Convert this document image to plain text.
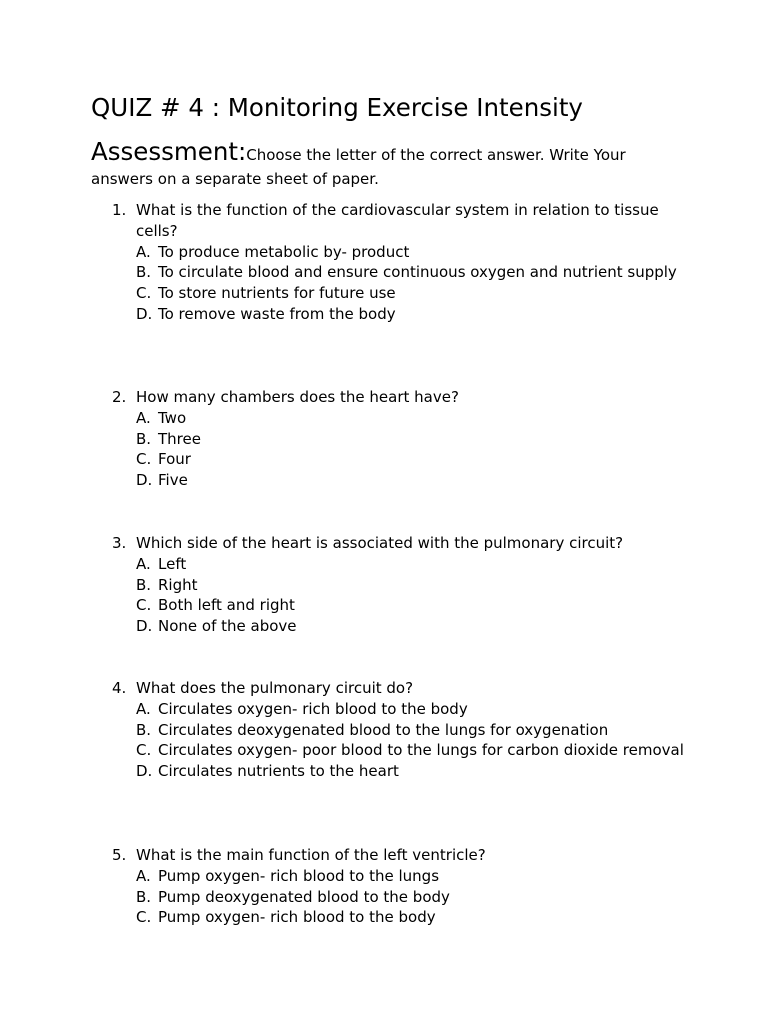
QUIZ # 4 : Monitoring Exercise Intensity

Assessment:Choose the letter of the correct answer. Write Your answers on a separate sheet of paper.

1. What is the function of the cardiovascular system in relation to tissue cells?
A. To produce metabolic by- product
B. To circulate blood and ensure continuous oxygen and nutrient supply
C. To store nutrients for future use
D. To remove waste from the body
2. How many chambers does the heart have?
A. Two
B. Three
C. Four
D. Five
3. Which side of the heart is associated with the pulmonary circuit?
A. Left
B. Right
C. Both left and right
D. None of the above
4. What does the pulmonary circuit do?
A. Circulates oxygen- rich blood to the body
B. Circulates deoxygenated blood to the lungs for oxygenation
C. Circulates oxygen- poor blood to the lungs for carbon dioxide removal
D. Circulates nutrients to the heart
5. What is the main function of the left ventricle?
A. Pump oxygen- rich blood to the lungs
B. Pump deoxygenated blood to the body
C. Pump oxygen- rich blood to the body
